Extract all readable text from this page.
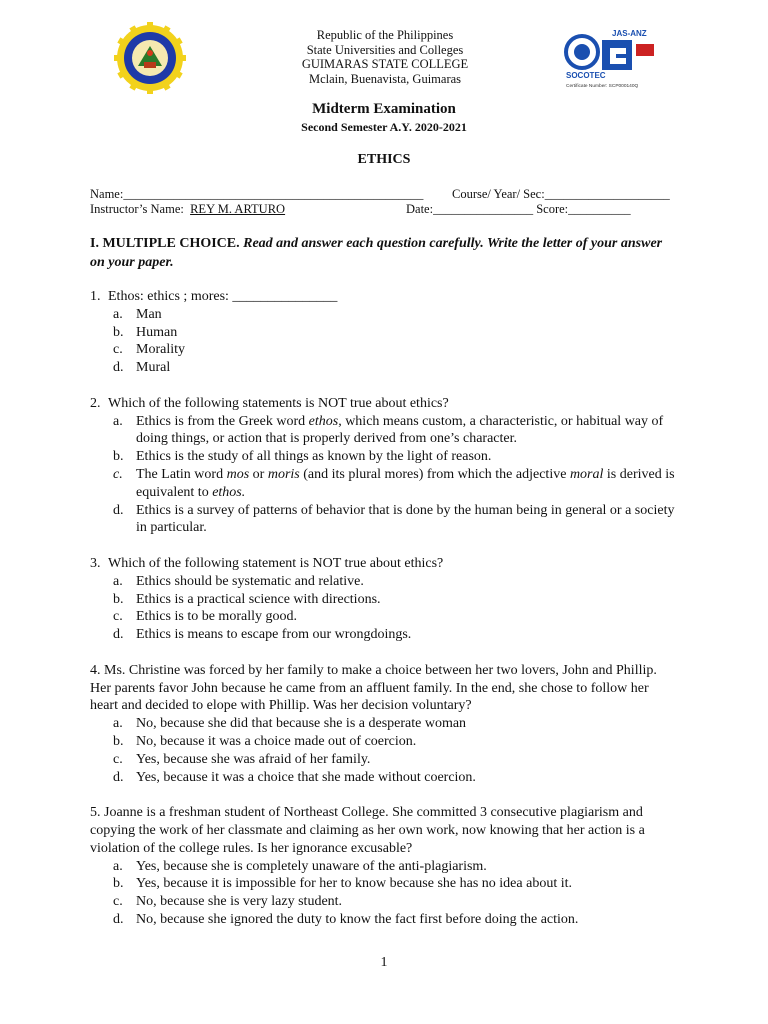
JAS-ANZ
SOCOTEC
Certificate Number: SCP000140Q
Republic of the Philippines
State Universities and Colleges
GUIMARAS STATE COLLEGE
Mclain, Buenavista, Guimaras
Midterm Examination
Second Semester A.Y. 2020-2021
ETHICS
Name:________________________________________________ Course/ Year/ Sec:____________________
Instructor’s Name: REY M. ARTURO	Date:________________ Score:__________
I. MULTIPLE CHOICE. Read and answer each question carefully. Write the letter of your answer on your paper.
1. Ethos: ethics ; mores: _______________
a. Man
b. Human
c. Morality
d. Mural
2. Which of the following statements is NOT true about ethics?
a. Ethics is from the Greek word ethos, which means custom, a characteristic, or habitual way of doing things, or action that is properly derived from one’s character.
b. Ethics is the study of all things as known by the light of reason.
c. The Latin word mos or moris (and its plural mores) from which the adjective moral is derived is equivalent to ethos.
d. Ethics is a survey of patterns of behavior that is done by the human being in general or a society in particular.
3. Which of the following statement is NOT true about ethics?
a. Ethics should be systematic and relative.
b. Ethics is a practical science with directions.
c. Ethics is to be morally good.
d. Ethics is means to escape from our wrongdoings.
4. Ms. Christine was forced by her family to make a choice between her two lovers, John and Phillip. Her parents favor John because he came from an affluent family. In the end, she chose to follow her heart and decided to elope with Phillip. Was her decision voluntary?
a. No, because she did that because she is a desperate woman
b. No, because it was a choice made out of coercion.
c. Yes, because she was afraid of her family.
d. Yes, because it was a choice that she made without coercion.
5. Joanne is a freshman student of Northeast College. She committed 3 consecutive plagiarism and copying the work of her classmate and claiming as her own work, now knowing that her action is a violation of the college rules. Is her ignorance excusable?
a. Yes, because she is completely unaware of the anti-plagiarism.
b. Yes, because it is impossible for her to know because she has no idea about it.
c. No, because she is very lazy student.
d. No, because she ignored the duty to know the fact first before doing the action.
1
